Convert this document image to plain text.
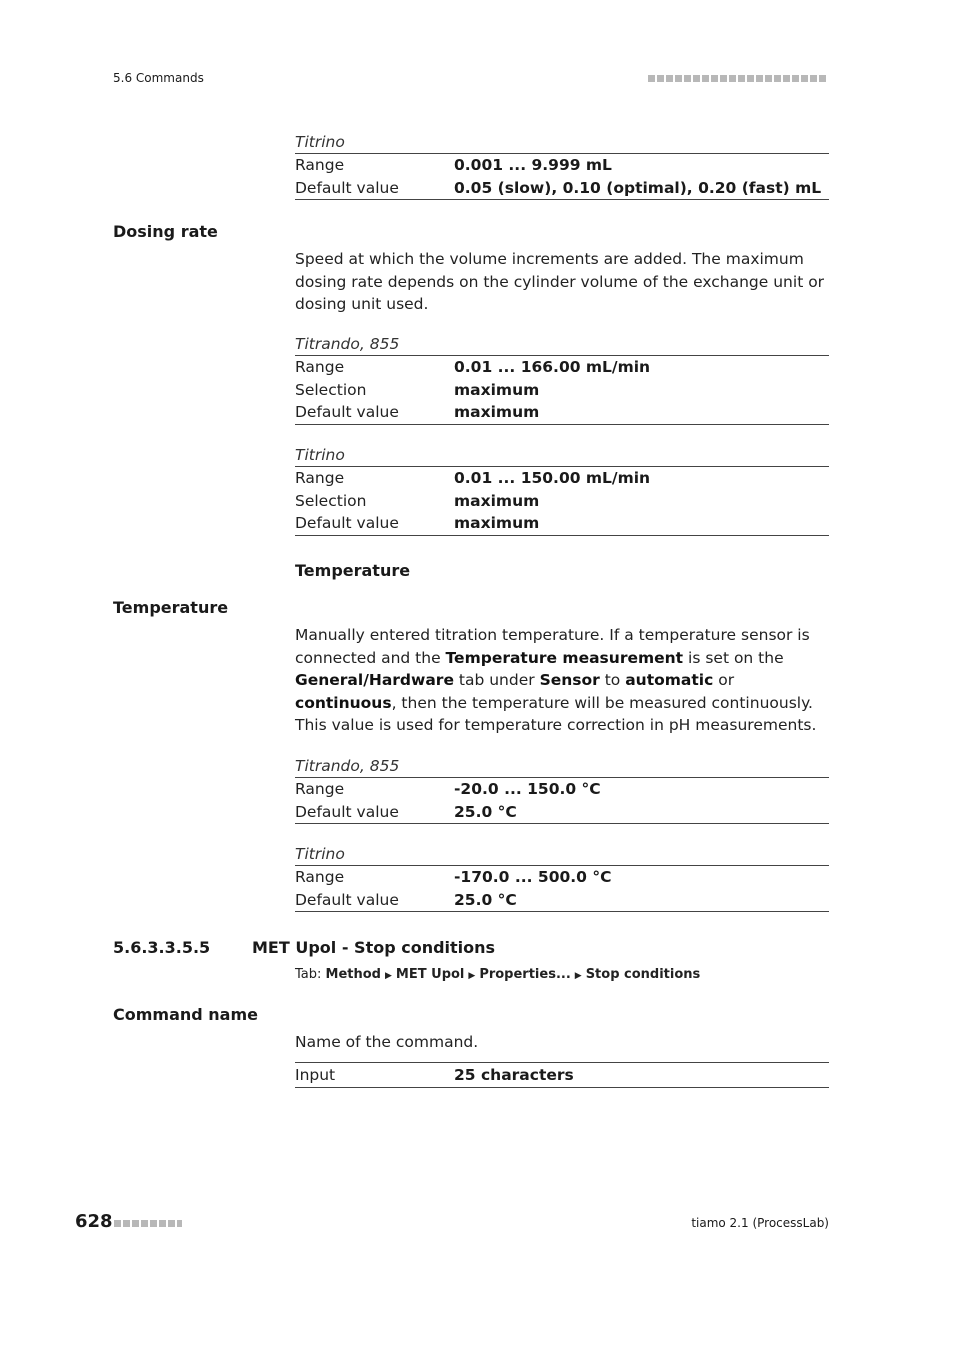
5.6 Commands
Titrino
Range	0.001 ... 9.999 mL
Default value	0.05 (slow), 0.10 (optimal), 0.20 (fast) mL
Dosing rate
Speed at which the volume increments are added. The maximum dosing rate depends on the cylinder volume of the exchange unit or dosing unit used.
Titrando, 855
Range	0.01 ... 166.00 mL/min
Selection	maximum
Default value	maximum
Titrino
Range	0.01 ... 150.00 mL/min
Selection	maximum
Default value	maximum
Temperature
Temperature
Manually entered titration temperature. If a temperature sensor is connected and the Temperature measurement is set on the General/Hardware tab under Sensor to automatic or continuous, then the temperature will be measured continuously. This value is used for temperature correction in pH measurements.
Titrando, 855
Range	-20.0 ... 150.0 °C
Default value	25.0 °C
Titrino
Range	-170.0 ... 500.0 °C
Default value	25.0 °C
5.6.3.3.5.5	MET Upol - Stop conditions
Tab: Method ▶ MET Upol ▶ Properties... ▶ Stop conditions
Command name
Name of the command.
Input	25 characters
628	tiamo 2.1 (ProcessLab)
